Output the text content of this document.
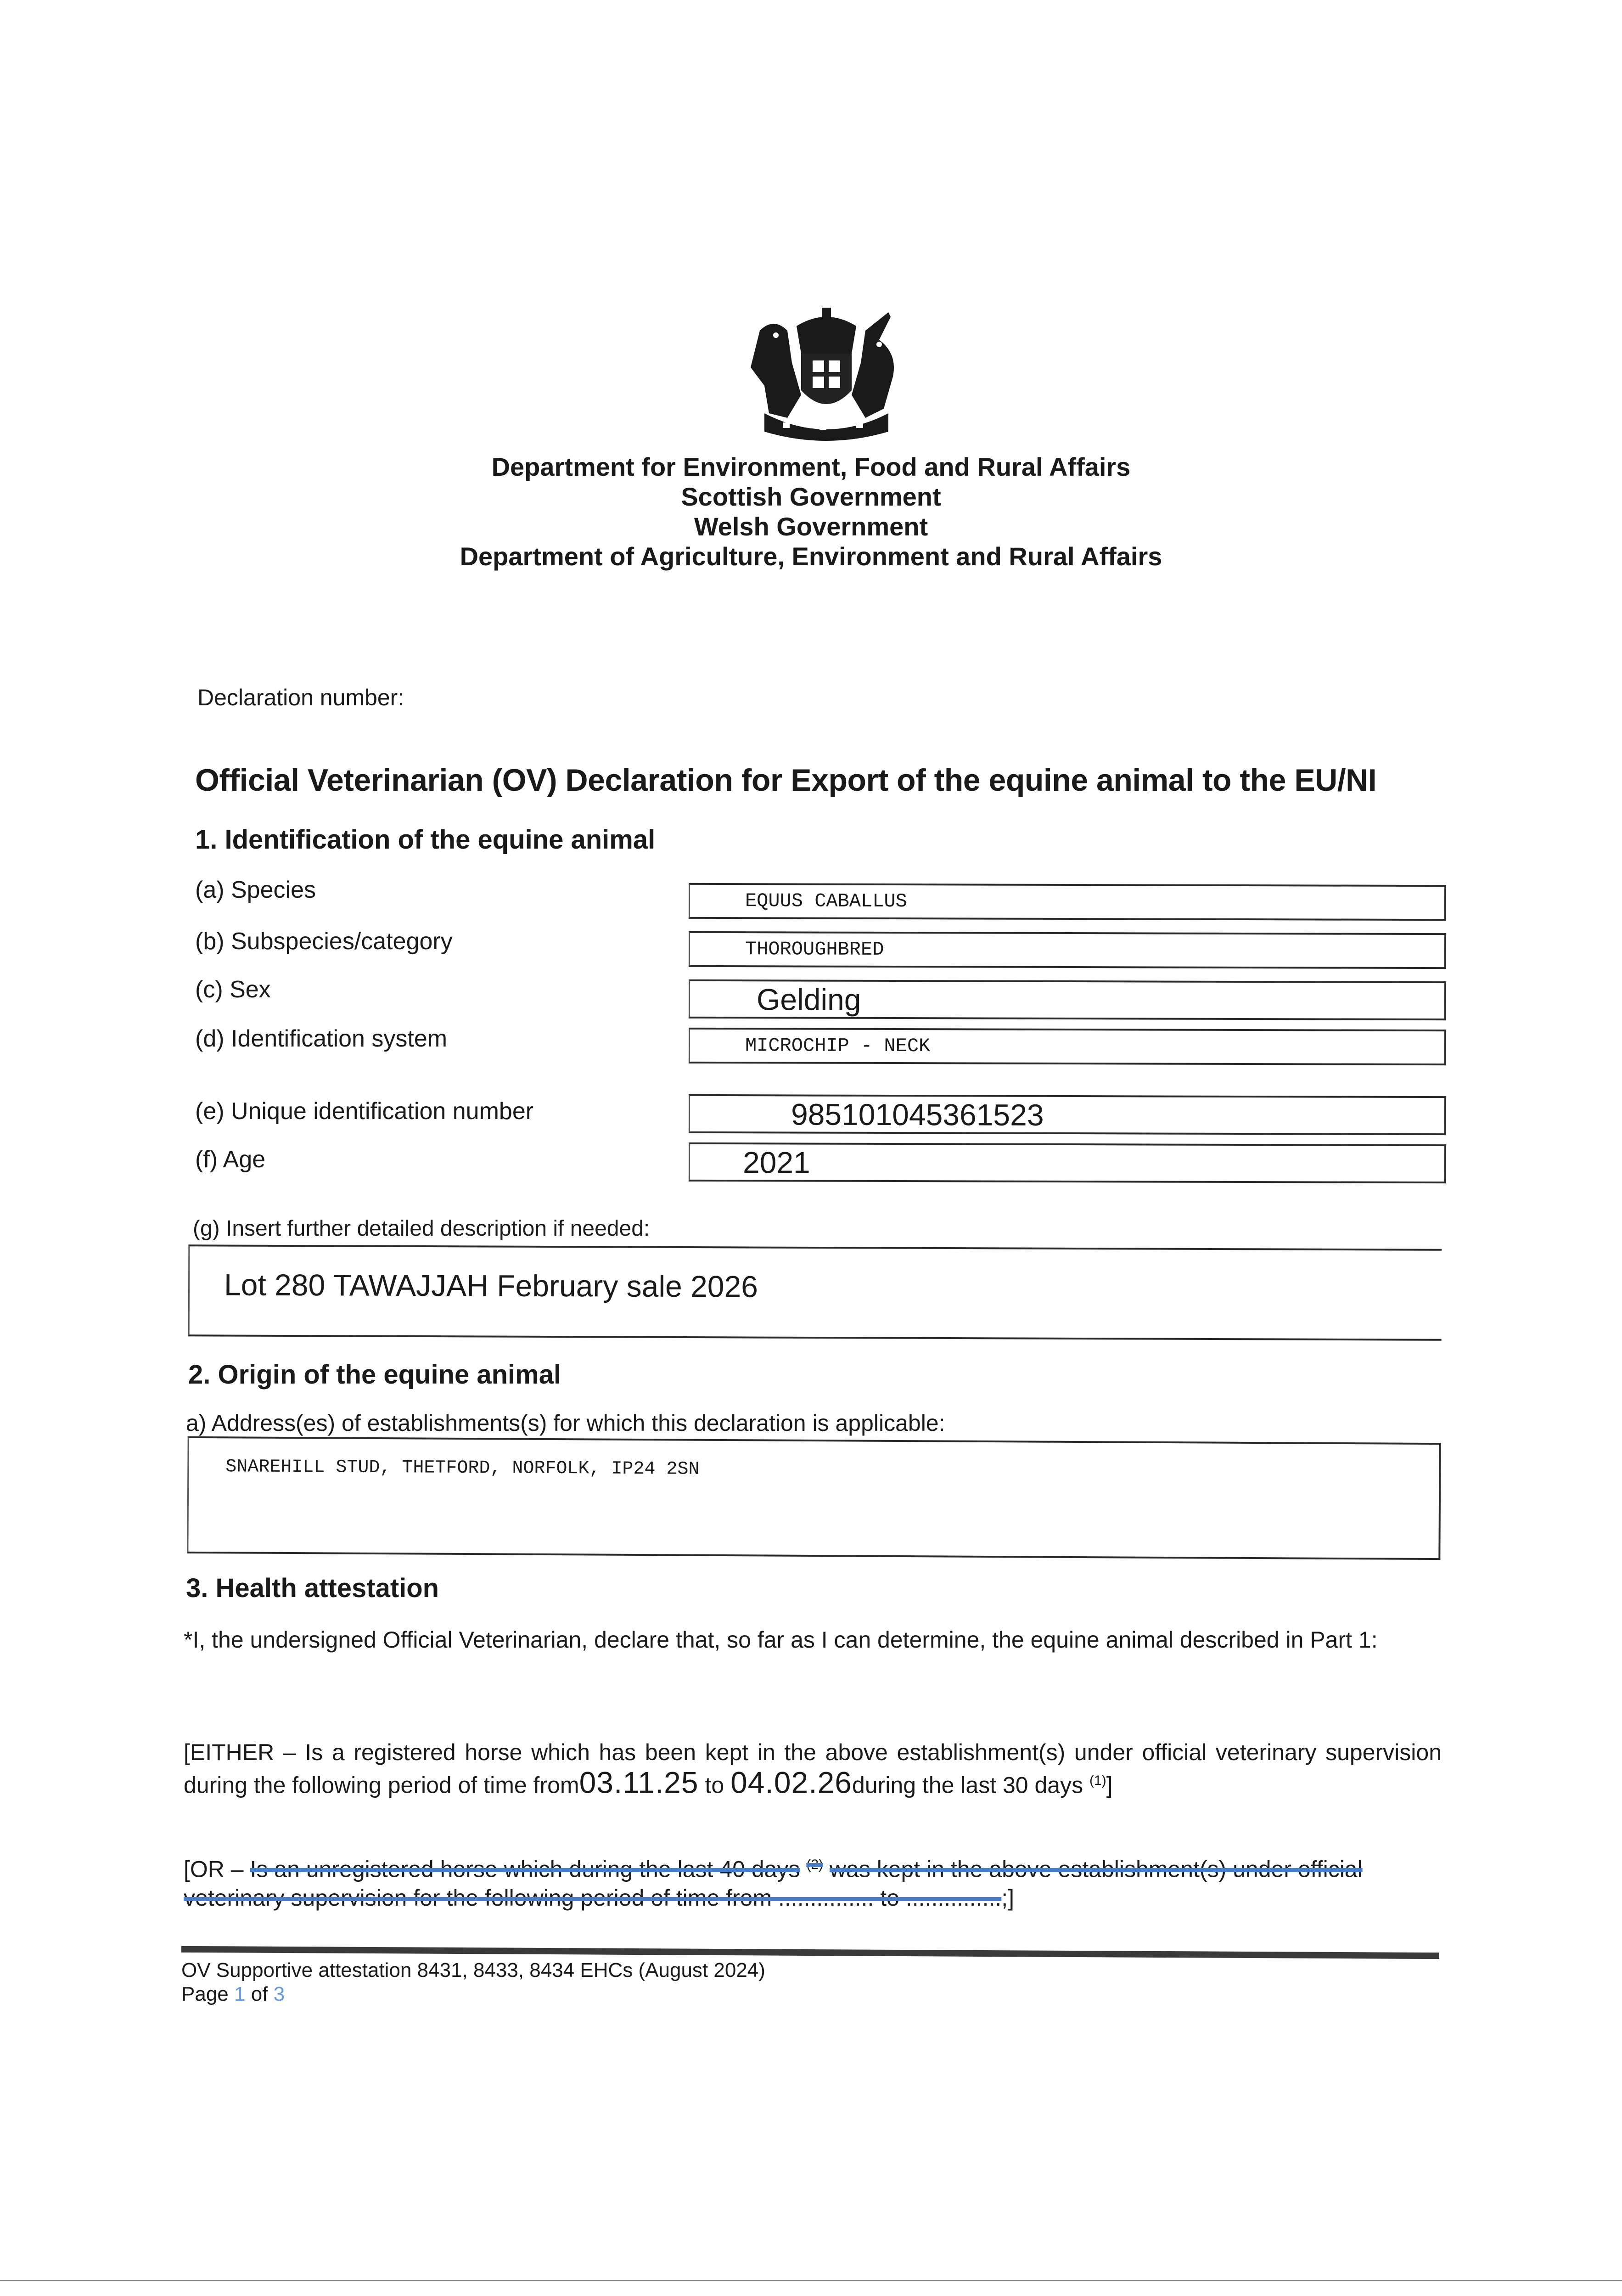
Department for Environment, Food and Rural Affairs
Scottish Government
Welsh Government
Department of Agriculture, Environment and Rural Affairs
Declaration number:
Official Veterinarian (OV) Declaration for Export of the equine animal to the EU/NI
1. Identification of the equine animal
(a) Species	EQUUS CABALLUS
(b) Subspecies/category	THOROUGHBRED
(c) Sex	Gelding
(d) Identification system	MICROCHIP - NECK
(e) Unique identification number	985101045361523
(f) Age	2021
(g) Insert further detailed description if needed:
Lot 280 TAWAJJAH February sale 2026
2. Origin of the equine animal
a) Address(es) of establishments(s) for which this declaration is applicable:
SNAREHILL STUD, THETFORD, NORFOLK, IP24 2SN
3. Health attestation
*I, the undersigned Official Veterinarian, declare that, so far as I can determine, the equine animal described in Part 1:
[EITHER – Is a registered horse which has been kept in the above establishment(s) under official veterinary supervision during the following period of time from03.11.25 to 04.02.26during the last 30 days $^{(1)}$]
[OR – Is an unregistered horse which during the last 40 days $^{(2)}$ was kept in the above establishment(s) under official veterinary supervision for the following period of time from ............... to ...............;]
OV Supportive attestation 8431, 8433, 8434 EHCs (August 2024)
Page 1 of 3
